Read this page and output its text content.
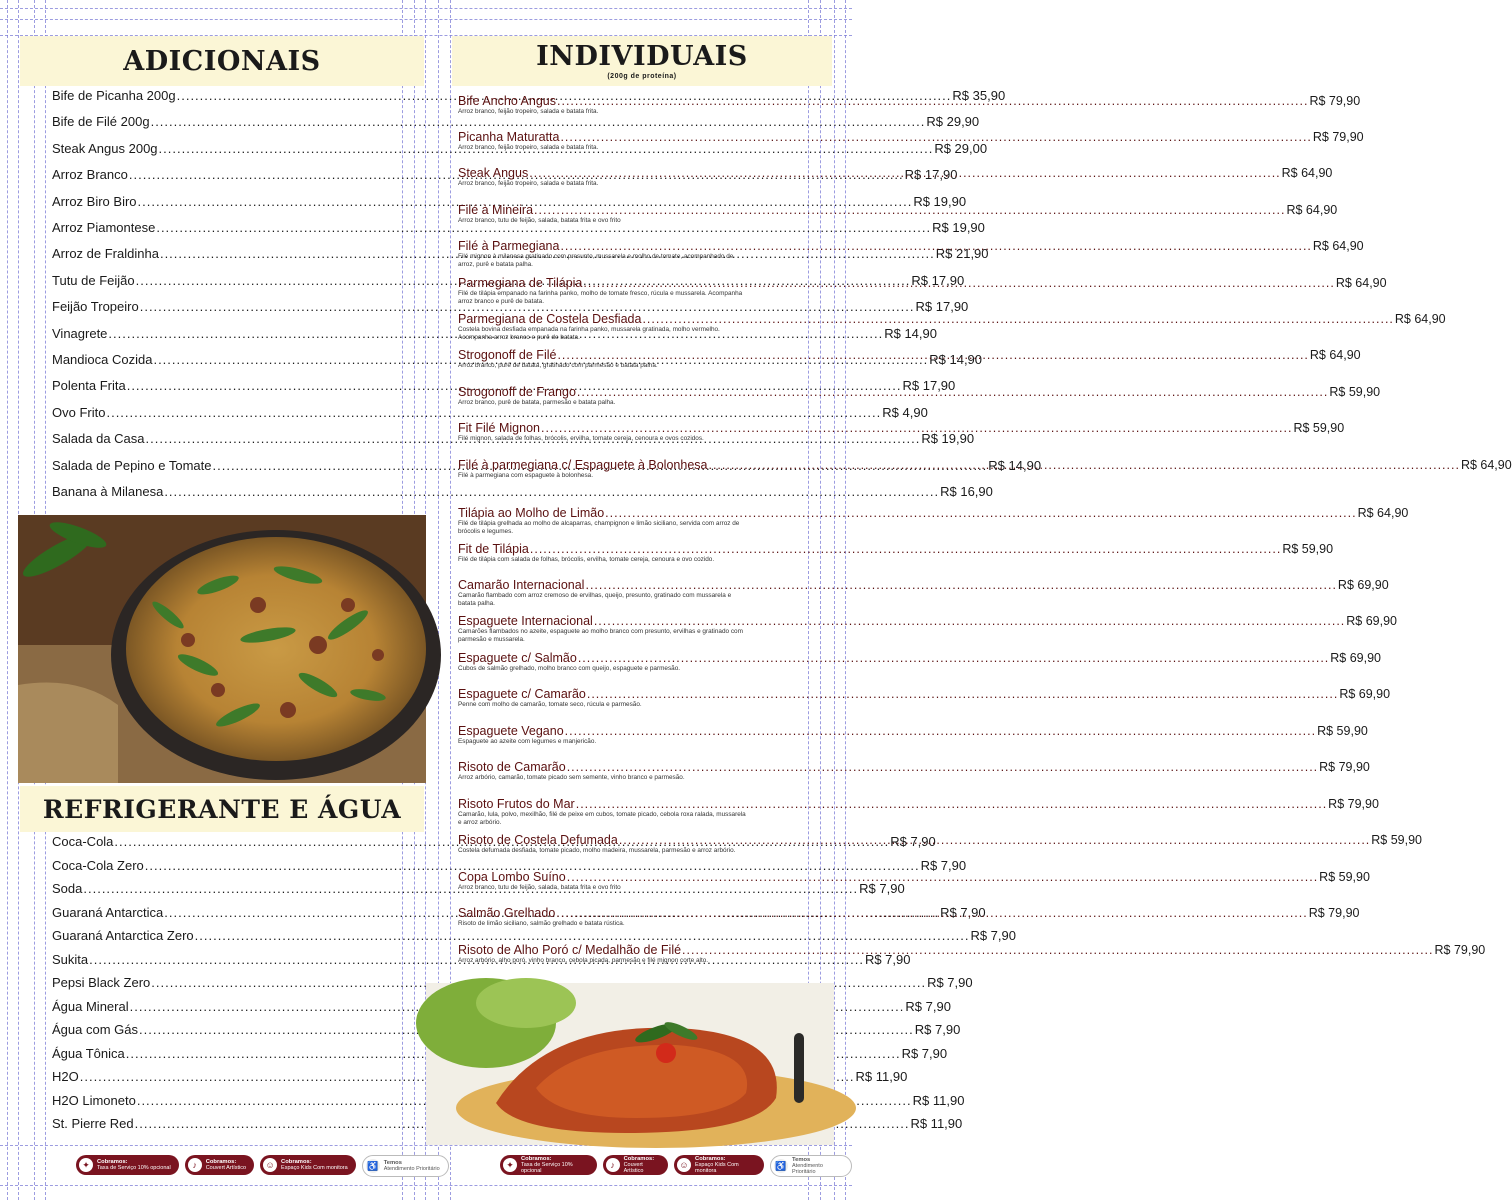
ADICIONAIS
Bife de Picanha 200g .....	R$ 35,90
Bife de Filé 200g .....	R$ 29,90
Steak Angus 200g .....	R$ 29,00
Arroz Branco .....	R$ 17,90
Arroz Biro Biro .....	R$ 19,90
Arroz Piamontese .....	R$ 19,90
Arroz de Fraldinha .....	R$ 21,90
Tutu de Feijão .....	R$ 17,90
Feijão Tropeiro .....	R$ 17,90
Vinagrete .....	R$ 14,90
Mandioca Cozida .....	R$ 14,90
Polenta Frita .....	R$ 17,90
Ovo Frito .....	R$ 4,90
Salada da Casa .....	R$ 19,90
Salada de Pepino e Tomate .....	R$ 14,90
Banana à Milanesa .....	R$ 16,90
REFRIGERANTE E ÁGUA
Coca-Cola .....	R$ 7,90
Coca-Cola Zero .....	R$ 7,90
Soda .....	R$ 7,90
Guaraná Antarctica .....	R$ 7,90
Guaraná Antarctica Zero .....	R$ 7,90
Sukita .....	R$ 7,90
Pepsi Black Zero .....	R$ 7,90
Água Mineral .....	R$ 7,90
Água com Gás .....	R$ 7,90
Água Tônica .....	R$ 7,90
H2O .....	R$ 11,90
H2O Limoneto .....	R$ 11,90
St. Pierre Red .....	R$ 11,90
INDIVIDUAIS
(200g de proteína)
Bife Ancho Angus .....	R$ 79,90
Arroz branco, feijão tropeiro, salada e batata frita.
Picanha Maturatta .....	R$ 79,90
Arroz branco, feijão tropeiro, salada e batata frita.
Steak Angus .....	R$ 64,90
Arroz branco, feijão tropeiro, salada e batata frita.
Filé à Mineira .....	R$ 64,90
Arroz branco, tutu de feijão, salada, batata frita e ovo frito
Filé à Parmegiana .....	R$ 64,90
Filé mignon à milanesa gratinado com presunto, mussarela e molho de tomate, acompanhado de arroz, purê e batata palha.
Parmegiana de Tilápia .....	R$ 64,90
Filé de tilápia empanado na farinha panko, molho de tomate fresco, rúcula e mussarela. Acompanha arroz branco e purê de batata.
Parmegiana de Costela Desfiada .....	R$ 64,90
Costela bovina desfiada empanada na farinha panko, mussarela gratinada, molho vermelho. Acompanha arroz branco e purê de batata.
Strogonoff de Filé .....	R$ 64,90
Arroz branco, purê de batata, gratinado com parmesão e batata palha.
Strogonoff de Frango .....	R$ 59,90
Arroz branco, purê de batata, parmesão e batata palha.
Fit Filé Mignon .....	R$ 59,90
Filé mignon, salada de folhas, brócolis, ervilha, tomate cereja, cenoura e ovos cozidos.
Filé à parmegiana c/ Espaguete à Bolonhesa .....	R$ 64,90
Filé à parmegiana com espaguete à bolonhesa.
Tilápia ao Molho de Limão .....	R$ 64,90
Filé de tilápia grelhada ao molho de alcaparras, champignon e limão siciliano, servida com arroz de brócolis e legumes.
Fit de Tilápia .....	R$ 59,90
Filé de tilápia com salada de folhas, brócolis, ervilha, tomate cereja, cenoura e ovo cozido.
Camarão Internacional .....	R$ 69,90
Camarão flambado com arroz cremoso de ervilhas, queijo, presunto, gratinado com mussarela e batata palha.
Espaguete Internacional .....	R$ 69,90
Camarões flambados no azeite, espaguete ao molho branco com presunto, ervilhas e gratinado com parmesão e mussarela.
Espaguete c/ Salmão .....	R$ 69,90
Cubos de salmão grelhado, molho branco com queijo, espaguete e parmesão.
Espaguete c/ Camarão .....	R$ 69,90
Penne com molho de camarão, tomate seco, rúcula e parmesão.
Espaguete Vegano .....	R$ 59,90
Espaguete ao azeite com legumes e manjericão.
Risoto de Camarão .....	R$ 79,90
Arroz arbório, camarão, tomate picado sem semente, vinho branco e parmesão.
Risoto Frutos do Mar .....	R$ 79,90
Camarão, lula, polvo, mexilhão, filé de peixe em cubos, tomate picado, cebola roxa ralada, mussarela e arroz arbório.
Risoto de Costela Defumada .....	R$ 59,90
Costela defumada desfiada, tomate picado, molho madeira, mussarela, parmesão e arroz arbório.
Copa Lombo Suíno .....	R$ 59,90
Arroz branco, tutu de feijão, salada, batata frita e ovo frito
Salmão Grelhado .....	R$ 79,90
Risoto de limão siciliano, salmão grelhado e batata rústica.
Risoto de Alho Poró c/ Medalhão de Filé .....	R$ 79,90
Arroz arbório, alho poró, vinho branco, cebola picada, parmesão e filé mignon corte alto.
✦	Cobramos:
Taxa de Serviço 10% opcional	♪	Cobramos:
Couvert Artístico ☺	Cobramos:
Espaço Kids Com monitora ♿ Temos
Atendimento Prioritário	✦
Cobramos:
Taxa de Serviço 10% opcional
♪
Cobramos:
Couvert Artístico
☺
Cobramos:
Espaço Kids Com monitora	♿
Temos
Atendimento Prioritário
